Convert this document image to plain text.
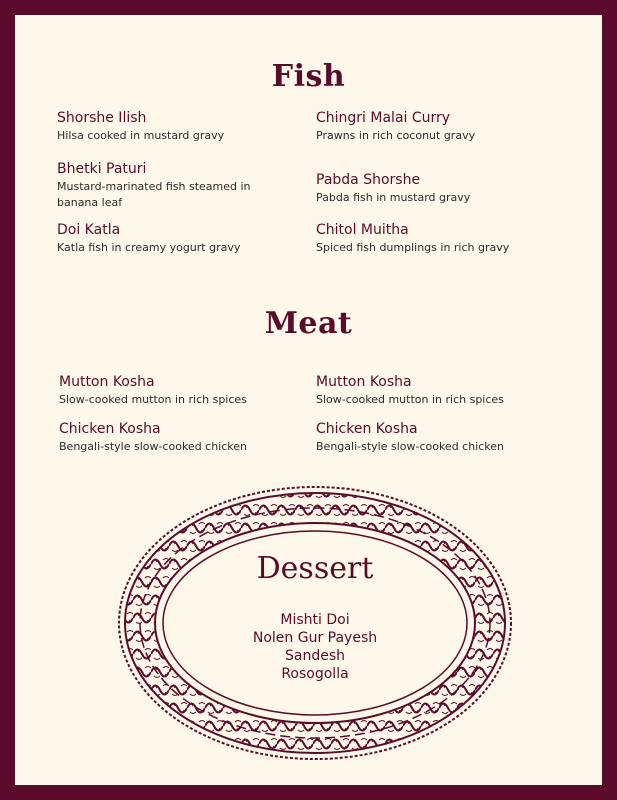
Fish
Shorshe Ilish
Hilsa cooked in mustard gravy
Chingri Malai Curry
Prawns in rich coconut gravy
Bhetki Paturi
Mustard-marinated fish steamed in banana leaf
Pabda Shorshe
Pabda fish in mustard gravy
Doi Katla
Katla fish in creamy yogurt gravy
Chitol Muitha
Spiced fish dumplings in rich gravy
Meat
Mutton Kosha
Slow-cooked mutton in rich spices
Mutton Kosha
Slow-cooked mutton in rich spices
Chicken Kosha
Bengali-style slow-cooked chicken
Chicken Kosha
Bengali-style slow-cooked chicken
Dessert
Mishti Doi
Nolen Gur Payesh
Sandesh
Rosogolla
